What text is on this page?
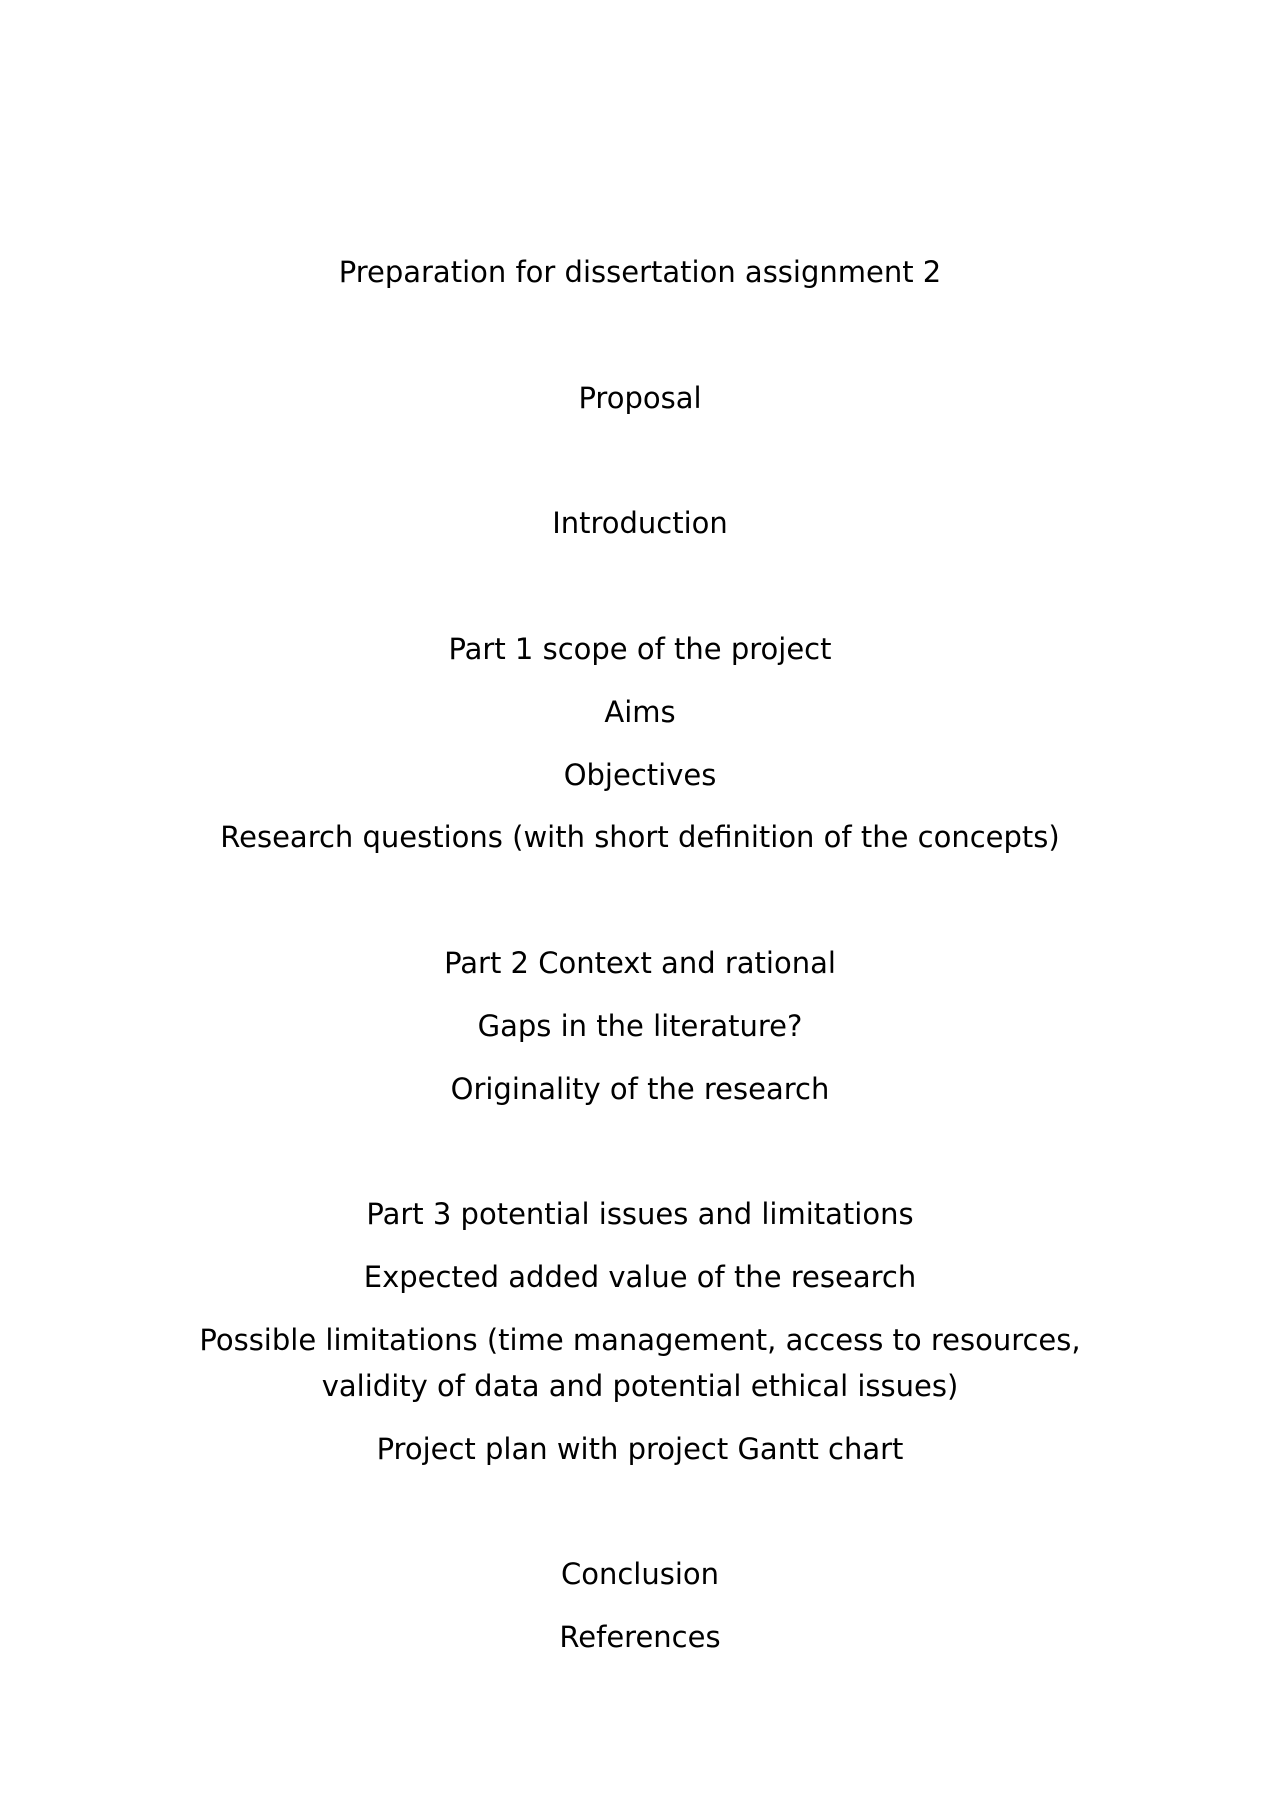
Preparation for dissertation assignment 2
Proposal
Introduction
Part 1 scope of the project
Aims
Objectives
Research questions (with short definition of the concepts)
Part 2 Context and rational
Gaps in the literature?
Originality of the research
Part 3 potential issues and limitations
Expected added value of the research
Possible limitations (time management, access to resources, validity of data and potential ethical issues)
Project plan with project Gantt chart
Conclusion
References
